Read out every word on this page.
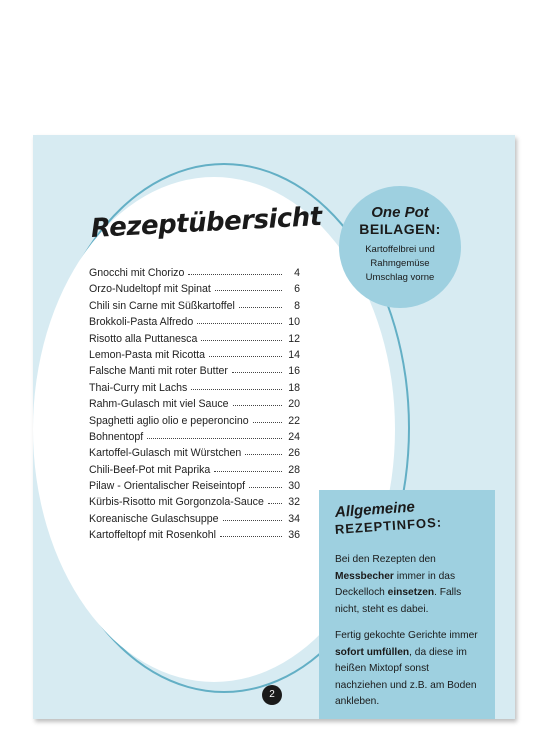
Rezeptübersicht
Gnocchi mit Chorizo	4
Orzo-Nudeltopf mit Spinat	6
Chili sin Carne mit Süßkartoffel	8
Brokkoli-Pasta Alfredo	10
Risotto alla Puttanesca	12
Lemon-Pasta mit Ricotta	14
Falsche Manti mit roter Butter	16
Thai-Curry mit Lachs	18
Rahm-Gulasch mit viel Sauce	20
Spaghetti aglio olio e peperoncino	22
Bohnentopf	24
Kartoffel-Gulasch mit Würstchen	26
Chili-Beef-Pot mit Paprika	28
Pilaw - Orientalischer Reiseintopf	30
Kürbis-Risotto mit Gorgonzola-Sauce 32
Koreanische Gulaschsuppe	34
Kartoffeltopf mit Rosenkohl	36
One Pot
BEILAGEN:
Kartoffelbrei und
Rahmgemüse
Umschlag vorne
Allgemeine
REZEPTINFOS:

Bei den Rezepten den Messbecher immer in das Deckelloch einsetzen. Falls nicht, steht es dabei.

Fertig gekochte Gerichte immer sofort umfüllen, da diese im heißen Mixtopf sonst nachziehen und z.B. am Boden ankleben.

2
